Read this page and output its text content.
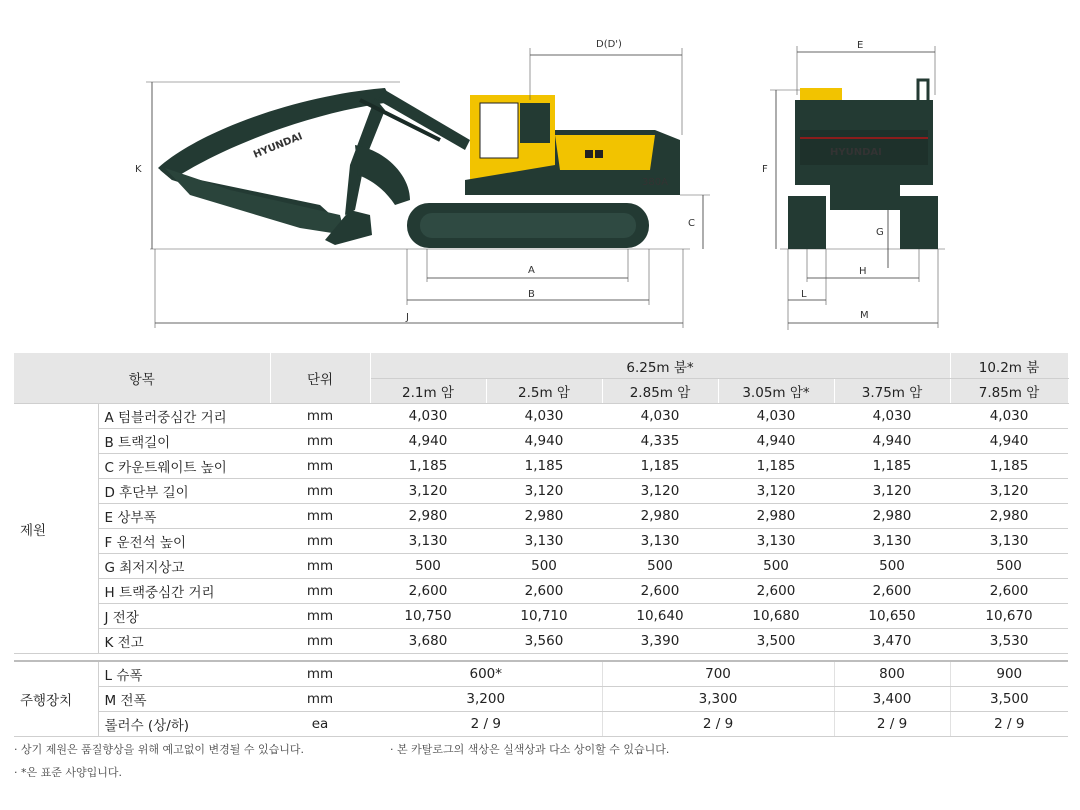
380A
HYUNDAI	HYUNDAI
D(D')
K
C
A
B
J
E
F
G
H
L
M
항목		단위	6.25m 붐*					10.2m 붐
			2.1m 암	2.5m 암	2.85m 암	3.05m 암*	3.75m 암	7.85m 암
제원	A 텀블러중심간 거리	mm	4,030	4,030	4,030	4,030	4,030	4,030
	B 트랙길이	mm	4,940	4,940	4,335	4,940	4,940	4,940
	C 카운트웨이트 높이	mm	1,185	1,185	1,185	1,185	1,185	1,185
	D 후단부 길이	mm	3,120	3,120	3,120	3,120	3,120	3,120
	E 상부폭	mm	2,980	2,980	2,980	2,980	2,980	2,980
	F 운전석 높이	mm	3,130	3,130	3,130	3,130	3,130	3,130
	G 최저지상고	mm	500	500	500	500	500	500
	H 트랙중심간 거리	mm	2,600	2,600	2,600	2,600	2,600	2,600
	J 전장	mm	10,750	10,710	10,640	10,680	10,650	10,670
	K 전고	mm	3,680	3,560	3,390	3,500	3,470	3,530

주행장치	L 슈폭	mm	600*		700		800	900
	M 전폭	mm	3,200		3,300		3,400	3,500
	롤러수 (상/하)	ea	2 / 9		2 / 9		2 / 9	2 / 9
· 상기 제원은 품질향상을 위해 예고없이 변경될 수 있습니다.	· 본 카탈로그의 색상은 실색상과 다소 상이할 수 있습니다.
· *은 표준 사양입니다.
